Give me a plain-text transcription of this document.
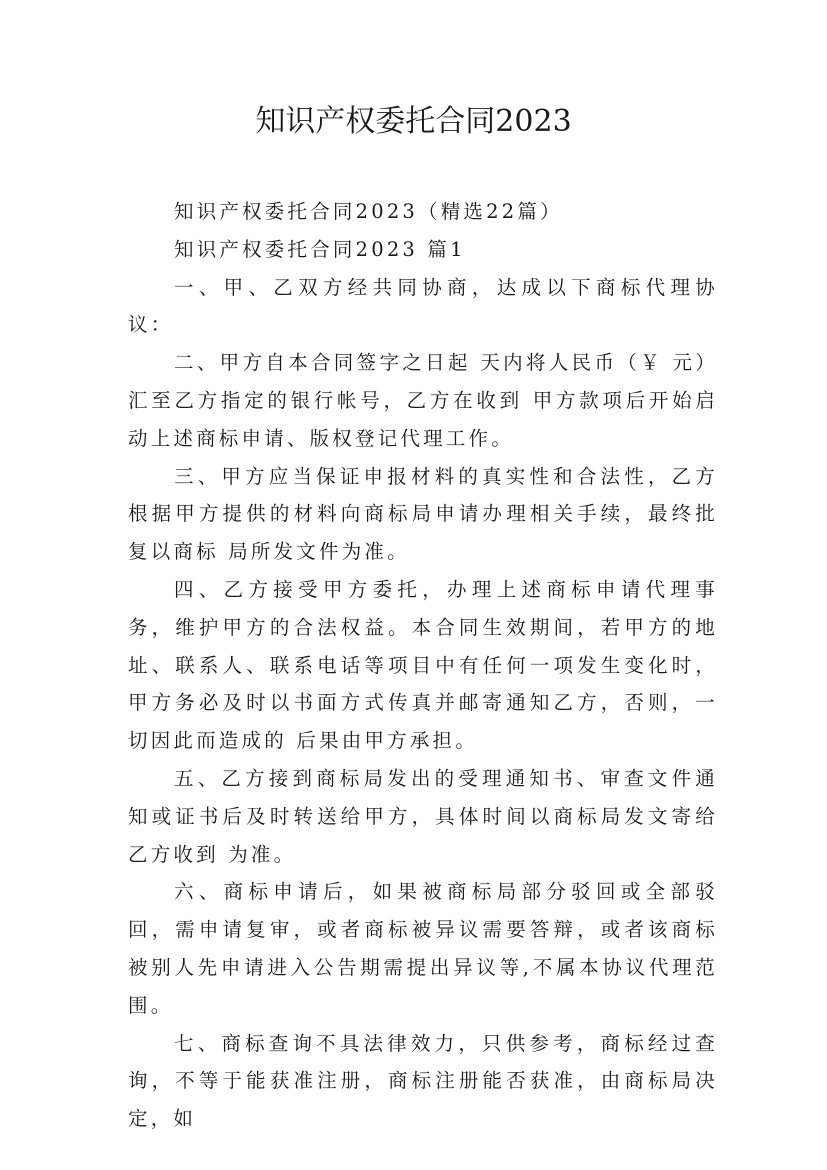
知识产权委托合同2023

知识产权委托合同2023（精选22篇）

知识产权委托合同2023 篇1

一、甲、乙双方经共同协商，达成以下商标代理协议：

二、甲方自本合同签字之日起 天内将人民币（￥ 元）汇至乙方指定的银行帐号，乙方在收到 甲方款项后开始启动上述商标申请、版权登记代理工作。

三、甲方应当保证申报材料的真实性和合法性，乙方根据甲方提供的材料向商标局申请办理相关手续，最终批复以商标 局所发文件为准。

四、乙方接受甲方委托，办理上述商标申请代理事务，维护甲方的合法权益。本合同生效期间，若甲方的地址、联系人、联系电话等项目中有任何一项发生变化时，甲方务必及时以书面方式传真并邮寄通知乙方，否则，一切因此而造成的 后果由甲方承担。

五、乙方接到商标局发出的受理通知书、审查文件通知或证书后及时转送给甲方，具体时间以商标局发文寄给乙方收到 为准。

六、商标申请后，如果被商标局部分驳回或全部驳回，需申请复审，或者商标被异议需要答辩，或者该商标被别人先申请进入公告期需提出异议等,不属本协议代理范围。

七、商标查询不具法律效力，只供参考，商标经过查询，不等于能获准注册，商标注册能否获准，由商标局决定，如
